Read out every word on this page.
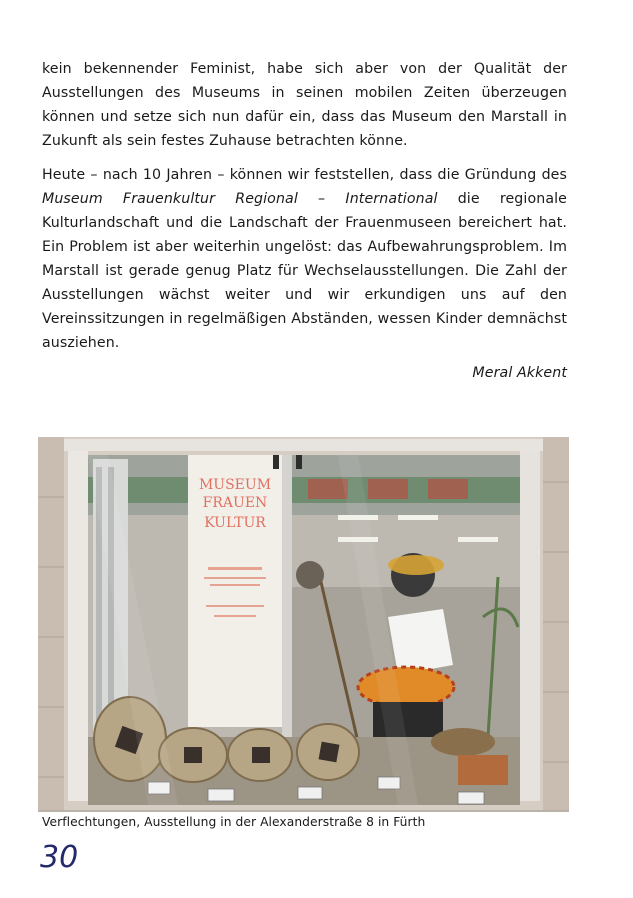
kein bekennender Feminist, habe sich aber von der Qualität der Ausstellungen des Museums in seinen mobilen Zeiten überzeugen können und setze sich nun dafür ein, dass das Museum den Marstall in Zukunft als sein festes Zuhause betrachten könne.

Heute – nach 10 Jahren – können wir feststellen, dass die Gründung des Museum Frauenkultur Regional – International die regionale Kulturlandschaft und die Landschaft der Frauenmuseen bereichert hat. Ein Problem ist aber weiterhin ungelöst: das Aufbewahrungsproblem. Im Marstall ist gerade genug Platz für Wechselausstellungen. Die Zahl der Ausstellungen wächst weiter und wir erkundigen uns auf den Vereinssitzungen in regelmäßigen Abständen, wessen Kinder demnächst ausziehen.

Meral Akkent

MUSEUM
FRAUEN
KULTUR

Verflechtungen, Ausstellung in der Alexanderstraße 8 in Fürth

30
